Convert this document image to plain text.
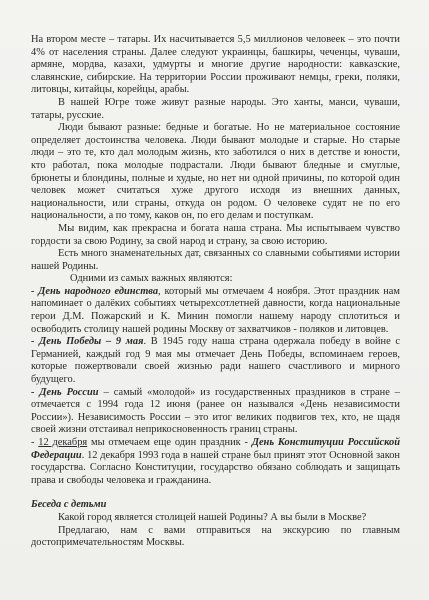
На втором месте – татары. Их насчитывается 5,5 миллионов человеек – это почти 4% от населения страны. Далее следуют украинцы, башкиры, чеченцы, чуваши, армяне, мордва, казахи, удмурты и многие другие народности: кавказские, славянские, сибирские. На территории России проживают немцы, греки, поляки, литовцы, китайцы, корейцы, арабы.

В нашей Югре тоже живут разные народы. Это ханты, манси, чуваши, татары, русские.

Люди бывают разные: бедные и богатые. Но не материальное состояние определяет достоинства человека. Люди бывают молодые и старые. Но старые люди – это те, кто дал молодым жизнь, кто заботился о них в детстве и юности, кто работал, пока молодые подрастали. Люди бывают бледные и смуглые, брюнеты и блондины, полные и худые, но нет ни одной причины, по которой один человек может считаться хуже другого исходя из внешних данных, национальности, или страны, откуда он родом. О человеке судят не по его национальности, а по тому, каков он, по его делам и поступкам.

Мы видим, как прекрасна и богата наша страна. Мы испытываем чувство гордости за свою Родину, за свой народ и страну, за свою историю.

Есть много знаменательных дат, связанных со славными событиями истории нашей Родины.

Одними из самых важных являются:

- День народного единства, который мы отмечаем 4 ноября. Этот праздник нам напоминает о далёких событиях четырехсотлетней давности, когда национальные герои Д.М. Пожарский и К. Минин помогли нашему народу сплотиться и освободить столицу нашей родины Москву от захватчиков - поляков и литовцев.

- День Победы – 9 мая. В 1945 году наша страна одержала победу в войне с Германией, каждый год 9 мая мы отмечает День Победы, вспоминаем героев, которые пожертвовали своей жизнью ради нашего счастливого и мирного будущего.

- День России – самый «молодой» из государственных праздников в стране – отмечается с 1994 года 12 июня (ранее он назывался «День независимости России»). Независимость России – это итог великих подвигов тех, кто, не щадя своей жизни отстаивал неприкосновенность границ страны.

- 12 декабря мы отмечаем еще один праздник - День Конституции Российской Федерации. 12 декабря 1993 года в нашей стране был принят этот Основной закон государства. Согласно Конституции, государство обязано соблюдать и защищать права и свободы человека и гражданина.

Беседа с детьми

Какой город является столицей нашей Родины? А вы были в Москве?

Предлагаю, нам с вами отправиться на экскурсию по главным достопримечательностям Москвы.
